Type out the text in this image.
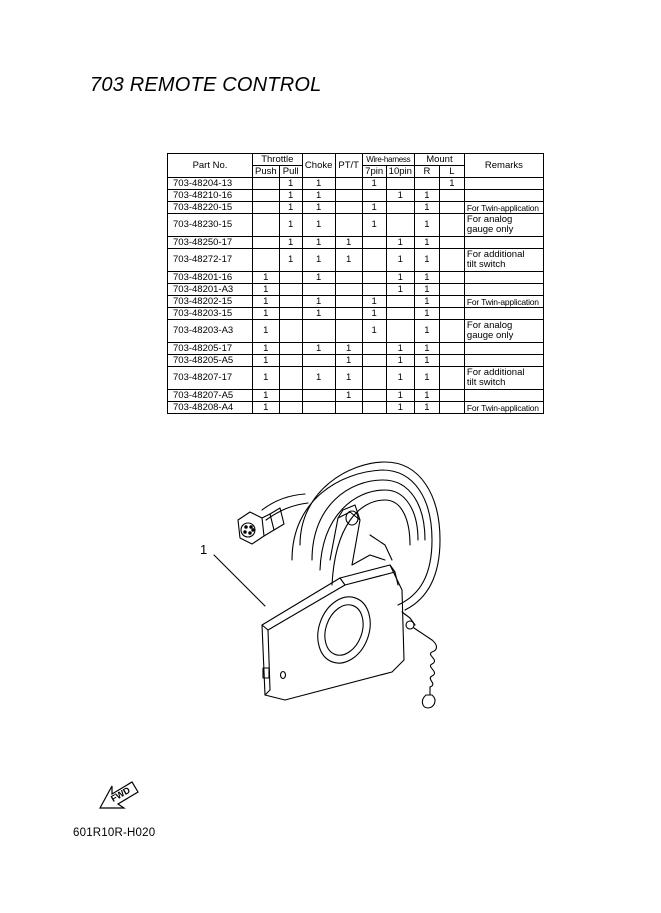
703 REMOTE CONTROL
Part No.	Throttle		Choke	PT/T	Wire-harness		Mount		Remarks
	Push	Pull			7pin	10pin	R	L	
703-48204-13		1	1		1			1	

703-48210-16		1	1			1	1		

703-48220-15		1	1		1		1		For Twin-application

703-48230-15		1	1		1		1		For analog
gauge only

703-48250-17		1	1	1		1	1		

703-48272-17		1	1	1		1	1		For additional
tilt switch

703-48201-16	1		1			1	1		

703-48201-A3	1					1	1		

703-48202-15	1		1		1		1		For Twin-application

703-48203-15	1		1		1		1		

703-48203-A3	1				1		1		For analog
gauge only

703-48205-17	1		1	1		1	1		

703-48205-A5	1			1		1	1		

703-48207-17	1		1	1		1	1		For additional
tilt switch

703-48207-A5	1			1		1	1		

703-48208-A4	1					1	1		For Twin-application
FWD
1
601R10R-H020
